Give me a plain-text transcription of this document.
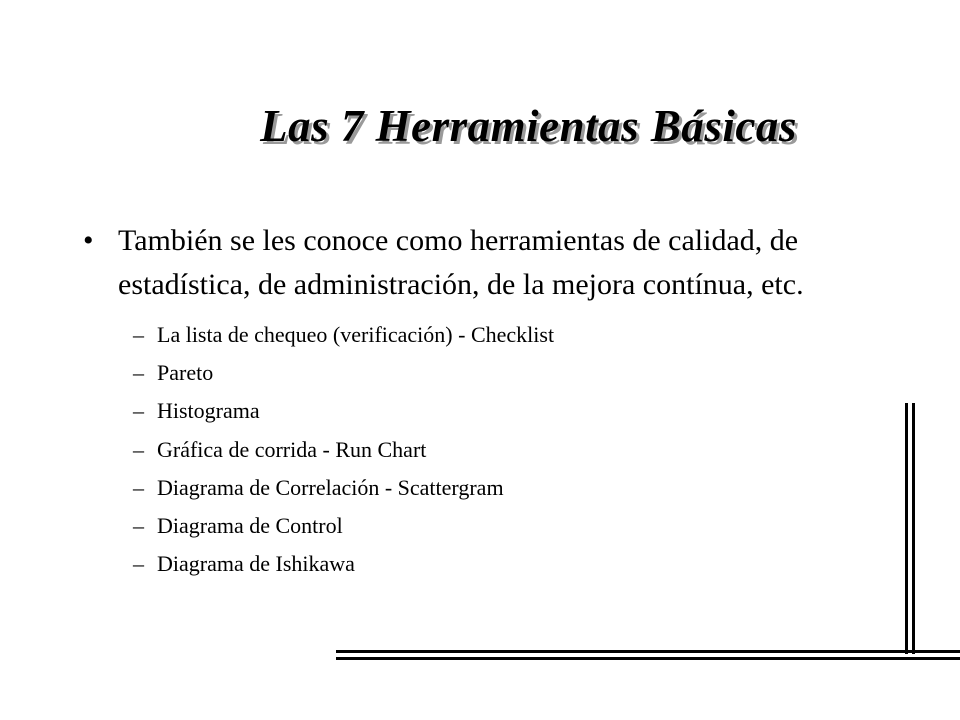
Las 7 Herramientas Básicas

• También se les conoce como herramientas de calidad, de estadística, de administración, de la mejora contínua, etc.

– La lista de chequeo (verificación) - Checklist
– Pareto
– Histograma
– Gráfica de corrida - Run Chart
– Diagrama de Correlación - Scattergram
– Diagrama de Control
– Diagrama de Ishikawa
